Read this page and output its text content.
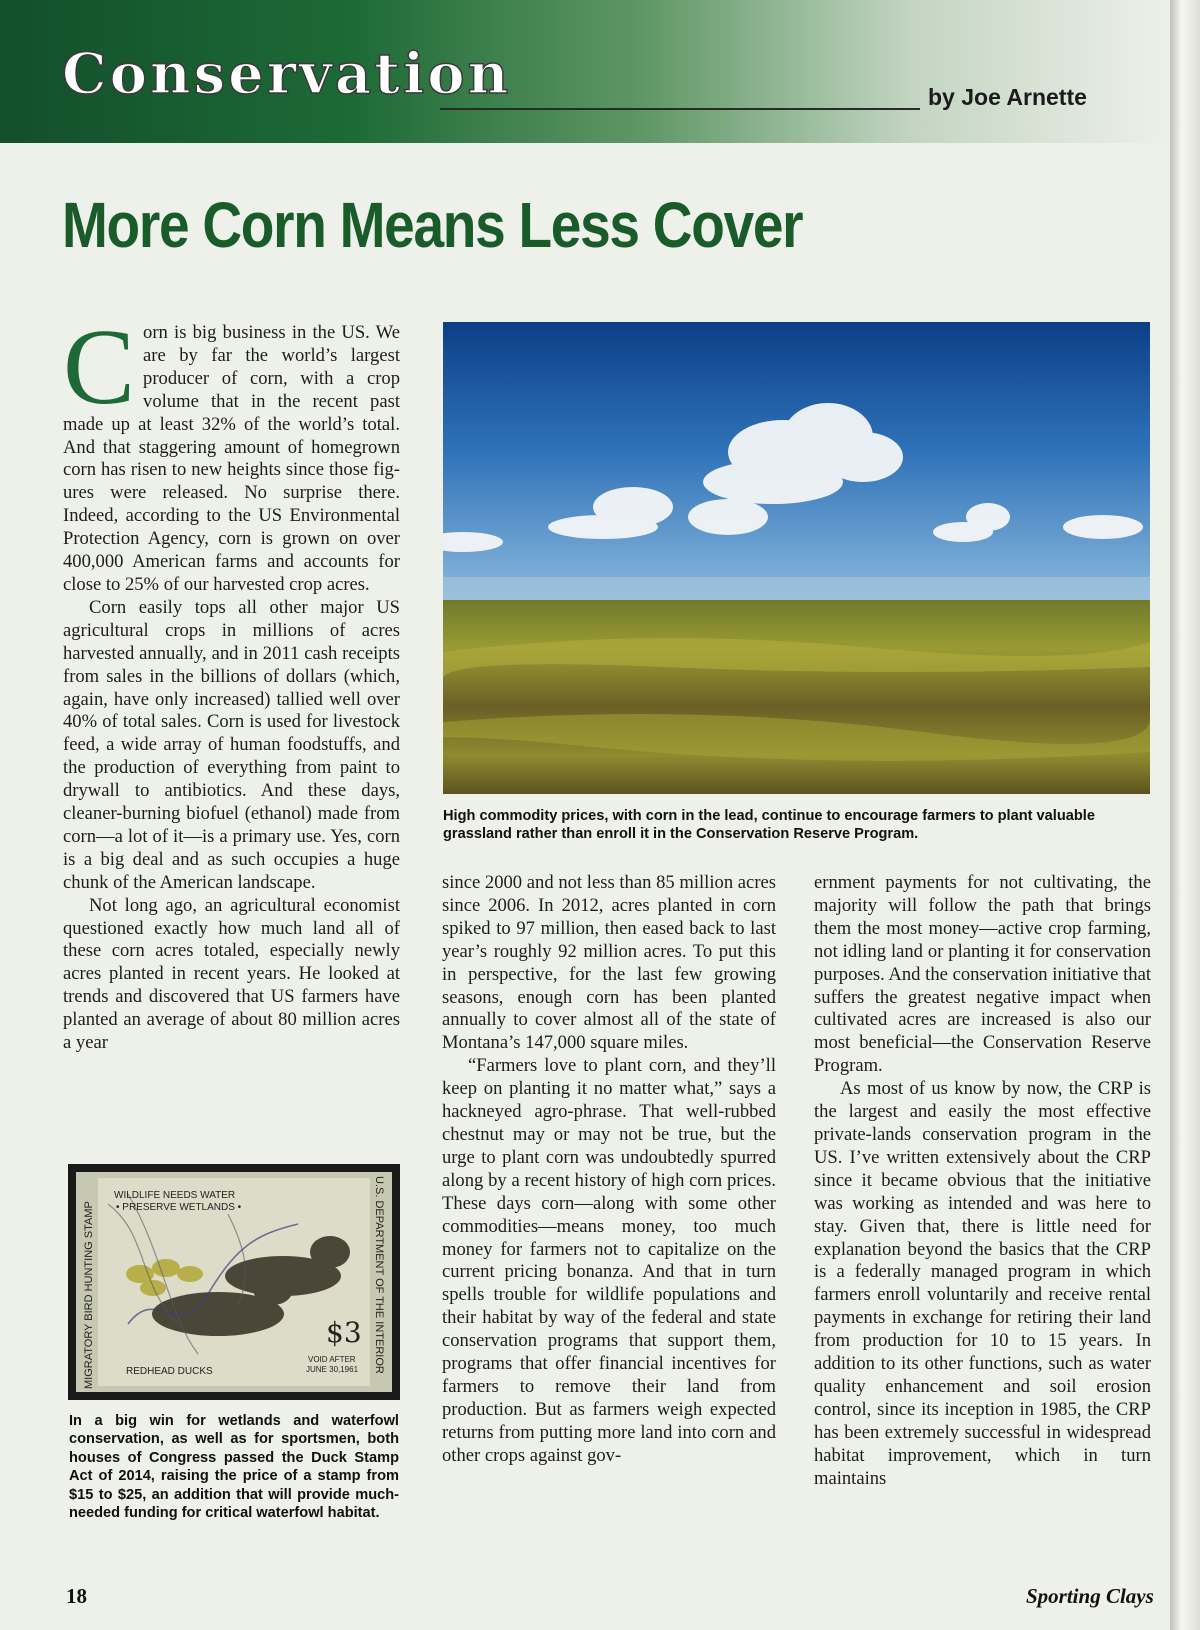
Conservation	by Joe Arnette
More Corn Means Less Cover

Corn is big business in the US. We are by far the world’s largest producer of corn, with a crop volume that in the recent past made up at least 32% of the world’s total. And that staggering amount of homegrown corn has risen to new heights since those figures were released. No surprise there. Indeed, according to the US Environmental Protection Agency, corn is grown on over 400,000 American farms and accounts for close to 25% of our harvested crop acres.

Corn easily tops all other major US agricultural crops in millions of acres harvested annually, and in 2011 cash receipts from sales in the billions of dollars (which, again, have only increased) tallied well over 40% of total sales. Corn is used for livestock feed, a wide array of human foodstuffs, and the production of everything from paint to drywall to antibiotics. And these days, cleaner-burning biofuel (ethanol) made from corn—a lot of it—is a primary use. Yes, corn is a big deal and as such occupies a huge chunk of the American landscape.

Not long ago, an agricultural economist questioned exactly how much land all of these corn acres totaled, especially newly acres planted in recent years. He looked at trends and discovered that US farmers have planted an average of about 80 million acres a year

High commodity prices, with corn in the lead, continue to encourage farmers to plant valuable grassland rather than enroll it in the Conservation Reserve Program.

since 2000 and not less than 85 million acres since 2006. In 2012, acres planted in corn spiked to 97 million, then eased back to last year’s roughly 92 million acres. To put this in perspective, for the last few growing seasons, enough corn has been planted annually to cover almost all of the state of Montana’s 147,000 square miles.

“Farmers love to plant corn, and they’ll keep on planting it no matter what,” says a hackneyed agro-phrase. That well-rubbed chestnut may or may not be true, but the urge to plant corn was undoubtedly spurred along by a recent history of high corn prices. These days corn—along with some other commodities—means money, too much money for farmers not to capitalize on the current pricing bonanza. And that in turn spells trouble for wildlife populations and their habitat by way of the federal and state conservation programs that support them, programs that offer financial incentives for farmers to remove their land from production. But as farmers weigh expected returns from putting more land into corn and other crops against gov-

ernment payments for not cultivating, the majority will follow the path that brings them the most money—active crop farming, not idling land or planting it for conservation purposes. And the conservation initiative that suffers the greatest negative impact when cultivated acres are increased is also our most beneficial—the Conservation Reserve Program.

As most of us know by now, the CRP is the largest and easily the most effective private-lands conservation program in the US. I’ve written extensively about the CRP since it became obvious that the initiative was working as intended and was here to stay. Given that, there is little need for explanation beyond the basics that the CRP is a federally managed program in which farmers enroll voluntarily and receive rental payments in exchange for retiring their land from production for 10 to 15 years. In addition to its other functions, such as water quality enhancement and soil erosion control, since its inception in 1985, the CRP has been extremely successful in widespread habitat improvement, which in turn maintains

WILDLIFE NEEDS WATER
• PRESERVE WETLANDS •
MIGRATORY BIRD HUNTING STAMP	U.S. DEPARTMENT OF THE INTERIOR
$3
VOID AFTER
JUNE 30,1961
REDHEAD DUCKS

In a big win for wetlands and waterfowl conservation, as well as for sportsmen, both houses of Congress passed the Duck Stamp Act of 2014, raising the price of a stamp from $15 to $25, an addition that will provide much-needed funding for critical waterfowl habitat.

18	Sporting Clays
